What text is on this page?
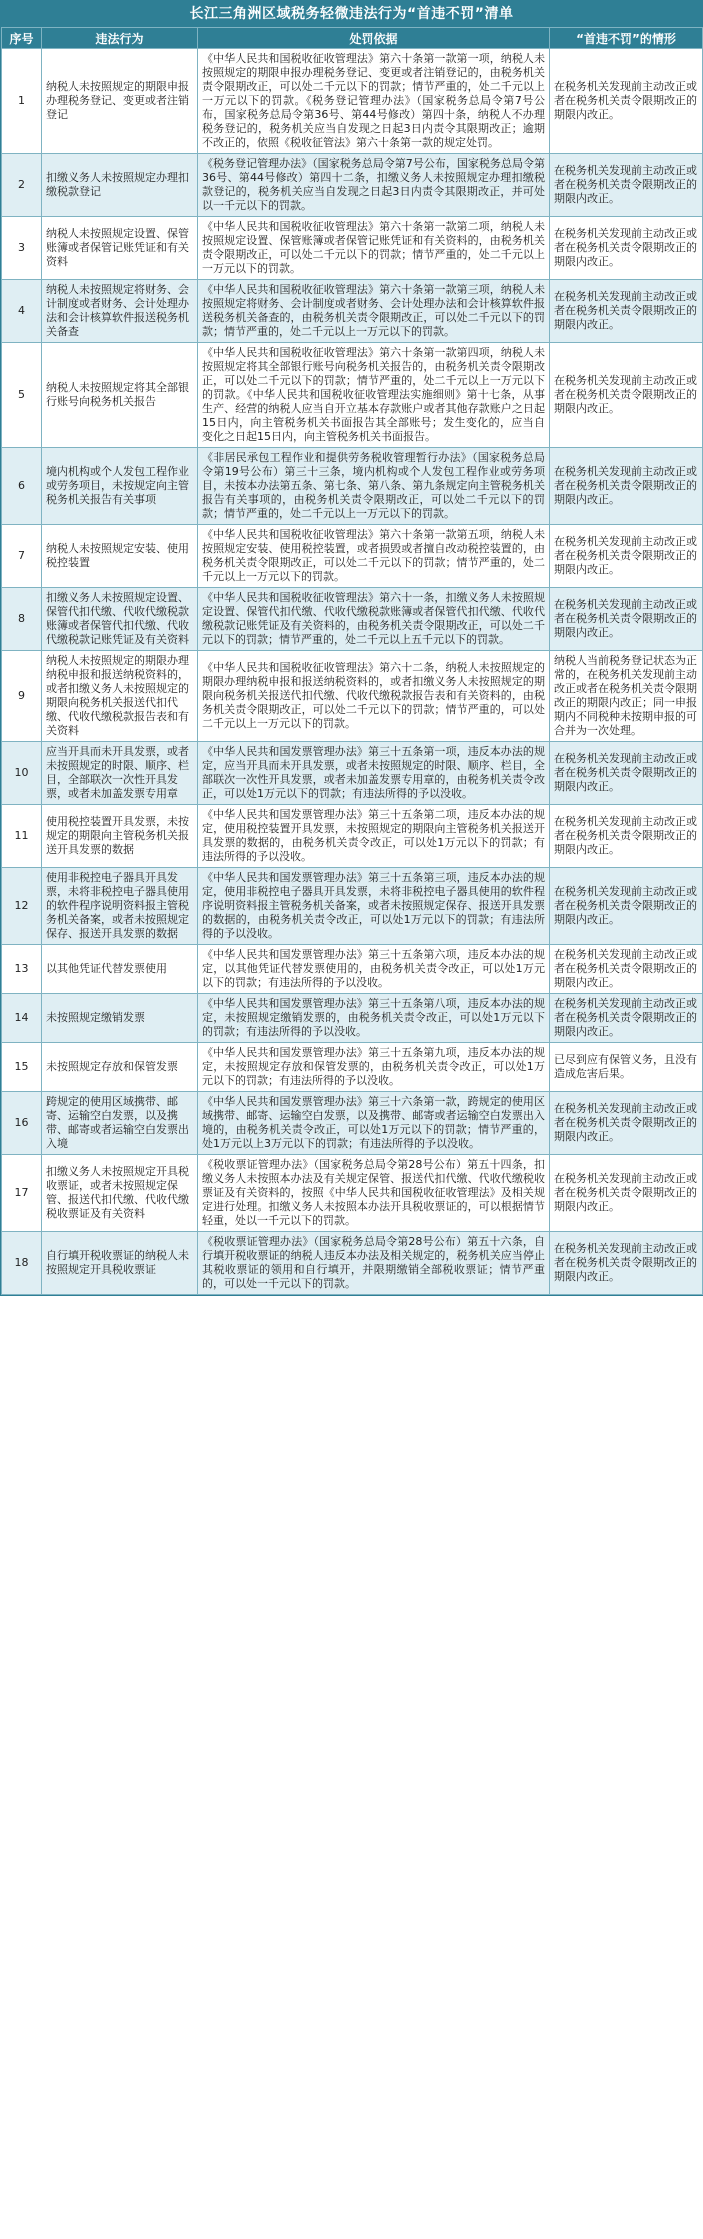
长江三角洲区域税务轻微违法行为“首违不罚”清单
序号	违法行为	处罚依据	“首违不罚”的情形
1	纳税人未按照规定的期限申报办理税务登记、变更或者注销登记	《中华人民共和国税收征收管理法》第六十条第一款第一项，纳税人未按照规定的期限申报办理税务登记、变更或者注销登记的，由税务机关责令限期改正，可以处二千元以下的罚款；情节严重的，处二千元以上一万元以下的罚款。《税务登记管理办法》（国家税务总局令第7号公布，国家税务总局令第36号、第44号修改）第四十条，纳税人不办理税务登记的，税务机关应当自发现之日起3日内责令其限期改正；逾期不改正的，依照《税收征管法》第六十条第一款的规定处罚。	在税务机关发现前主动改正或者在税务机关责令限期改正的期限内改正。
2	扣缴义务人未按照规定办理扣缴税款登记	《税务登记管理办法》（国家税务总局令第7号公布，国家税务总局令第36号、第44号修改）第四十二条，扣缴义务人未按照规定办理扣缴税款登记的，税务机关应当自发现之日起3日内责令其限期改正，并可处以一千元以下的罚款。	在税务机关发现前主动改正或者在税务机关责令限期改正的期限内改正。
3	纳税人未按照规定设置、保管账簿或者保管记账凭证和有关资料	《中华人民共和国税收征收管理法》第六十条第一款第二项，纳税人未按照规定设置、保管账簿或者保管记账凭证和有关资料的，由税务机关责令限期改正，可以处二千元以下的罚款；情节严重的，处二千元以上一万元以下的罚款。	在税务机关发现前主动改正或者在税务机关责令限期改正的期限内改正。
4	纳税人未按照规定将财务、会计制度或者财务、会计处理办法和会计核算软件报送税务机关备查	《中华人民共和国税收征收管理法》第六十条第一款第三项，纳税人未按照规定将财务、会计制度或者财务、会计处理办法和会计核算软件报送税务机关备查的，由税务机关责令限期改正，可以处二千元以下的罚款；情节严重的，处二千元以上一万元以下的罚款。	在税务机关发现前主动改正或者在税务机关责令限期改正的期限内改正。
5	纳税人未按照规定将其全部银行账号向税务机关报告	《中华人民共和国税收征收管理法》第六十条第一款第四项，纳税人未按照规定将其全部银行账号向税务机关报告的，由税务机关责令限期改正，可以处二千元以下的罚款；情节严重的，处二千元以上一万元以下的罚款。《中华人民共和国税收征收管理法实施细则》第十七条，从事生产、经营的纳税人应当自开立基本存款账户或者其他存款账户之日起15日内，向主管税务机关书面报告其全部账号；发生变化的，应当自变化之日起15日内，向主管税务机关书面报告。	在税务机关发现前主动改正或者在税务机关责令限期改正的期限内改正。
6	境内机构或个人发包工程作业或劳务项目，未按规定向主管税务机关报告有关事项	《非居民承包工程作业和提供劳务税收管理暂行办法》（国家税务总局令第19号公布）第三十三条，境内机构或个人发包工程作业或劳务项目，未按本办法第五条、第七条、第八条、第九条规定向主管税务机关报告有关事项的，由税务机关责令限期改正，可以处二千元以下的罚款；情节严重的，处二千元以上一万元以下的罚款。	在税务机关发现前主动改正或者在税务机关责令限期改正的期限内改正。
7	纳税人未按照规定安装、使用税控装置	《中华人民共和国税收征收管理法》第六十条第一款第五项，纳税人未按照规定安装、使用税控装置，或者损毁或者擅自改动税控装置的，由税务机关责令限期改正，可以处二千元以下的罚款；情节严重的，处二千元以上一万元以下的罚款。	在税务机关发现前主动改正或者在税务机关责令限期改正的期限内改正。
8	扣缴义务人未按照规定设置、保管代扣代缴、代收代缴税款账簿或者保管代扣代缴、代收代缴税款记账凭证及有关资料	《中华人民共和国税收征收管理法》第六十一条，扣缴义务人未按照规定设置、保管代扣代缴、代收代缴税款账簿或者保管代扣代缴、代收代缴税款记账凭证及有关资料的，由税务机关责令限期改正，可以处二千元以下的罚款；情节严重的，处二千元以上五千元以下的罚款。	在税务机关发现前主动改正或者在税务机关责令限期改正的期限内改正。
9	纳税人未按照规定的期限办理纳税申报和报送纳税资料的，或者扣缴义务人未按照规定的期限向税务机关报送代扣代缴、代收代缴税款报告表和有关资料	《中华人民共和国税收征收管理法》第六十二条，纳税人未按照规定的期限办理纳税申报和报送纳税资料的，或者扣缴义务人未按照规定的期限向税务机关报送代扣代缴、代收代缴税款报告表和有关资料的，由税务机关责令限期改正，可以处二千元以下的罚款；情节严重的，可以处二千元以上一万元以下的罚款。	纳税人当前税务登记状态为正常的，在税务机关发现前主动改正或者在税务机关责令限期改正的期限内改正；同一申报期内不同税种未按期申报的可合并为一次处理。
10	应当开具而未开具发票，或者未按照规定的时限、顺序、栏目，全部联次一次性开具发票，或者未加盖发票专用章	《中华人民共和国发票管理办法》第三十五条第一项，违反本办法的规定，应当开具而未开具发票，或者未按照规定的时限、顺序、栏目，全部联次一次性开具发票，或者未加盖发票专用章的，由税务机关责令改正，可以处1万元以下的罚款；有违法所得的予以没收。	在税务机关发现前主动改正或者在税务机关责令限期改正的期限内改正。
11	使用税控装置开具发票，未按规定的期限向主管税务机关报送开具发票的数据	《中华人民共和国发票管理办法》第三十五条第二项，违反本办法的规定，使用税控装置开具发票，未按照规定的期限向主管税务机关报送开具发票的数据的，由税务机关责令改正，可以处1万元以下的罚款；有违法所得的予以没收。	在税务机关发现前主动改正或者在税务机关责令限期改正的期限内改正。
12	使用非税控电子器具开具发票，未将非税控电子器具使用的软件程序说明资料报主管税务机关备案，或者未按照规定保存、报送开具发票的数据	《中华人民共和国发票管理办法》第三十五条第三项，违反本办法的规定，使用非税控电子器具开具发票，未将非税控电子器具使用的软件程序说明资料报主管税务机关备案，或者未按照规定保存、报送开具发票的数据的，由税务机关责令改正，可以处1万元以下的罚款；有违法所得的予以没收。	在税务机关发现前主动改正或者在税务机关责令限期改正的期限内改正。
13	以其他凭证代替发票使用	《中华人民共和国发票管理办法》第三十五条第六项，违反本办法的规定，以其他凭证代替发票使用的，由税务机关责令改正，可以处1万元以下的罚款；有违法所得的予以没收。	在税务机关发现前主动改正或者在税务机关责令限期改正的期限内改正。
14	未按照规定缴销发票	《中华人民共和国发票管理办法》第三十五条第八项，违反本办法的规定，未按照规定缴销发票的，由税务机关责令改正，可以处1万元以下的罚款；有违法所得的予以没收。	在税务机关发现前主动改正或者在税务机关责令限期改正的期限内改正。
15	未按照规定存放和保管发票	《中华人民共和国发票管理办法》第三十五条第九项，违反本办法的规定，未按照规定存放和保管发票的，由税务机关责令改正，可以处1万元以下的罚款；有违法所得的予以没收。	已尽到应有保管义务，且没有造成危害后果。
16	跨规定的使用区域携带、邮寄、运输空白发票，以及携带、邮寄或者运输空白发票出入境	《中华人民共和国发票管理办法》第三十六条第一款，跨规定的使用区域携带、邮寄、运输空白发票，以及携带、邮寄或者运输空白发票出入境的，由税务机关责令改正，可以处1万元以下的罚款；情节严重的，处1万元以上3万元以下的罚款；有违法所得的予以没收。	在税务机关发现前主动改正或者在税务机关责令限期改正的期限内改正。
17	扣缴义务人未按照规定开具税收票证，或者未按照规定保管、报送代扣代缴、代收代缴税收票证及有关资料	《税收票证管理办法》（国家税务总局令第28号公布）第五十四条，扣缴义务人未按照本办法及有关规定保管、报送代扣代缴、代收代缴税收票证及有关资料的，按照《中华人民共和国税收征收管理法》及相关规定进行处理。扣缴义务人未按照本办法开具税收票证的，可以根据情节轻重，处以一千元以下的罚款。	在税务机关发现前主动改正或者在税务机关责令限期改正的期限内改正。
18	自行填开税收票证的纳税人未按照规定开具税收票证	《税收票证管理办法》（国家税务总局令第28号公布）第五十六条，自行填开税收票证的纳税人违反本办法及相关规定的，税务机关应当停止其税收票证的领用和自行填开，并限期缴销全部税收票证；情节严重的，可以处一千元以下的罚款。	在税务机关发现前主动改正或者在税务机关责令限期改正的期限内改正。
